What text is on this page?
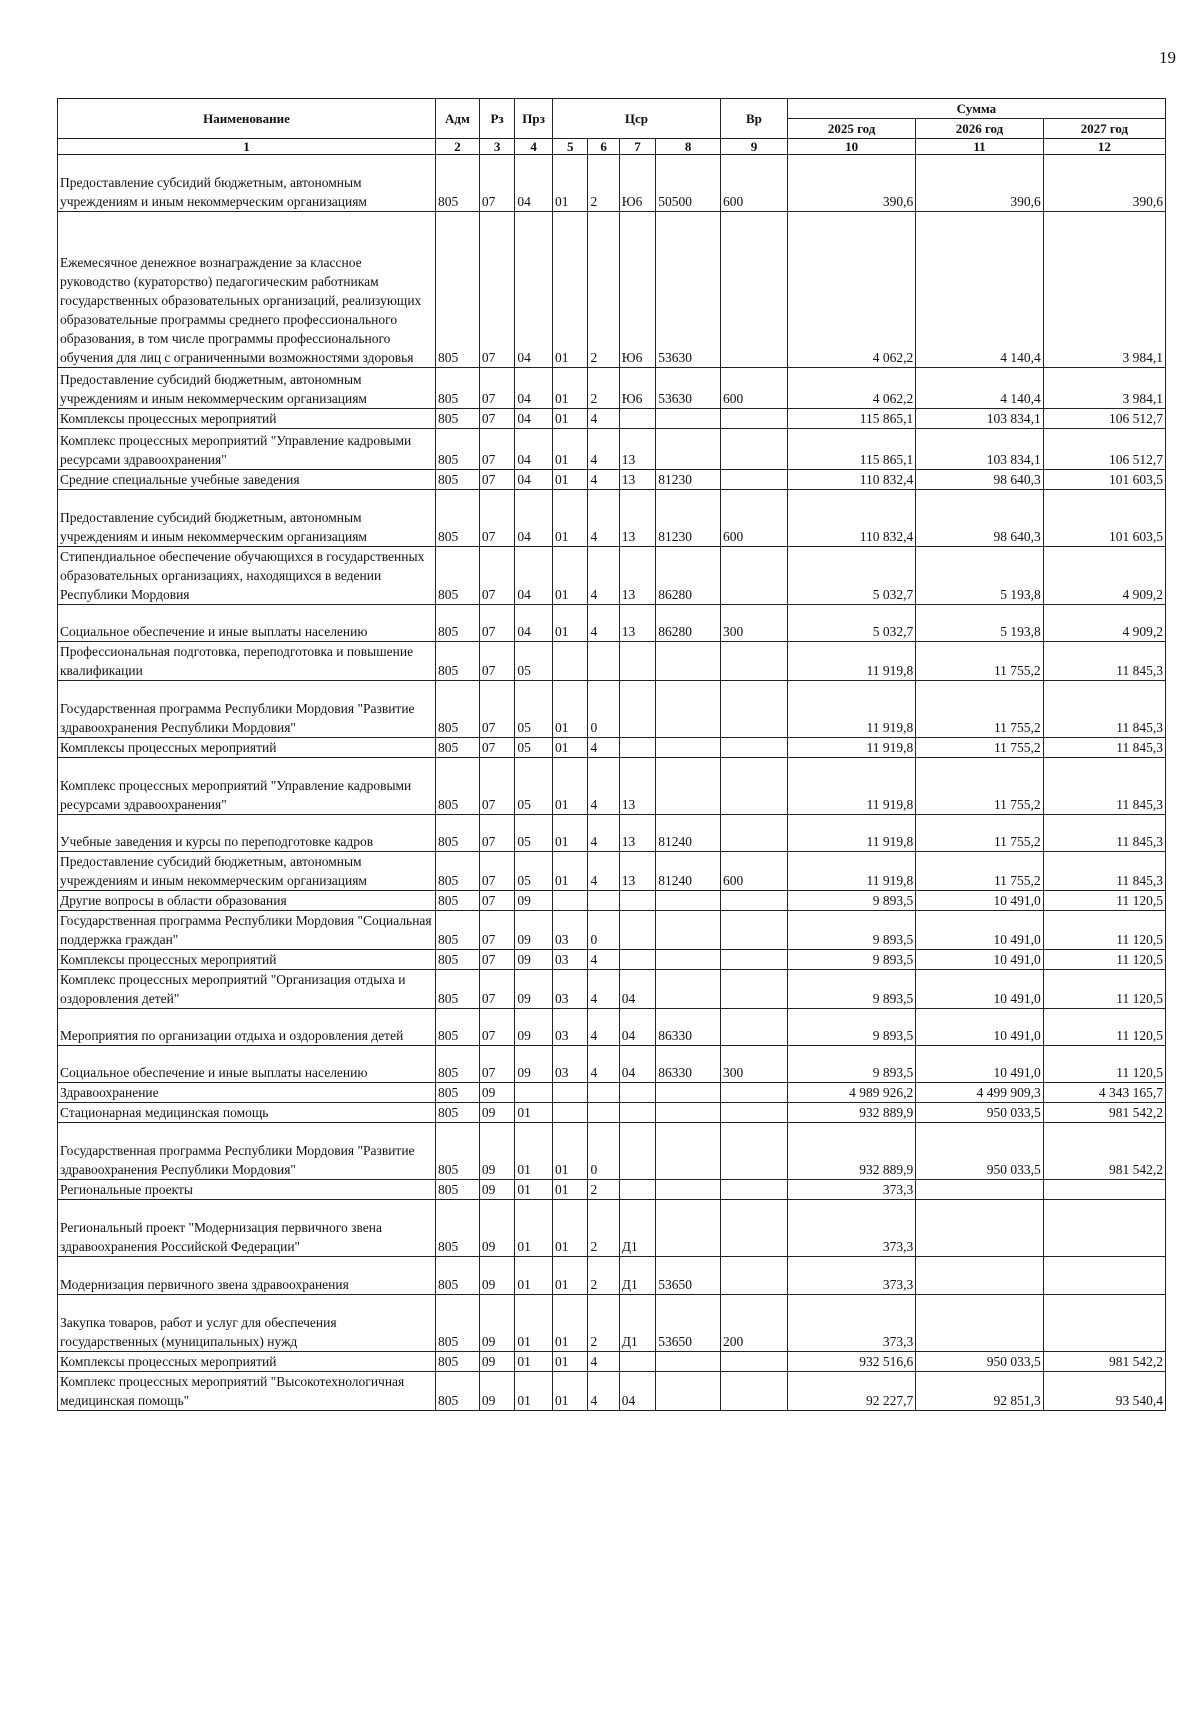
19
Наименование	Адм	Рз	Прз	Цср				Вр	Сумма		
									2025 год	2026 год	2027 год
1	2	3	4	5	6	7	8	9	10	11	12
Предоставление субсидий бюджетным, автономным учреждениям и иным некоммерческим организациям	805	07	04	01	2	Ю6	50500	600	390,6	390,6	390,6
Ежемесячное денежное вознаграждение за классное руководство (кураторство) педагогическим работникам государственных образовательных организаций, реализующих образовательные программы среднего профессионального образования, в том числе программы профессионального обучения для лиц с ограниченными возможностями здоровья	805	07	04	01	2	Ю6	53630		4 062,2	4 140,4	3 984,1
Предоставление субсидий бюджетным, автономным учреждениям и иным некоммерческим организациям	805	07	04	01	2	Ю6	53630	600	4 062,2	4 140,4	3 984,1
Комплексы процессных мероприятий	805	07	04	01	4				115 865,1	103 834,1	106 512,7
Комплекс процессных мероприятий "Управление кадровыми ресурсами здравоохранения"	805	07	04	01	4	13			115 865,1	103 834,1	106 512,7
Средние специальные учебные заведения	805	07	04	01	4	13	81230		110 832,4	98 640,3	101 603,5
Предоставление субсидий бюджетным, автономным учреждениям и иным некоммерческим организациям	805	07	04	01	4	13	81230	600	110 832,4	98 640,3	101 603,5
Стипендиальное обеспечение обучающихся в государственных образовательных организациях, находящихся в ведении Республики Мордовия	805	07	04	01	4	13	86280		5 032,7	5 193,8	4 909,2
Социальное обеспечение и иные выплаты населению	805	07	04	01	4	13	86280	300	5 032,7	5 193,8	4 909,2
Профессиональная подготовка, переподготовка и повышение квалификации	805	07	05						11 919,8	11 755,2	11 845,3
Государственная программа Республики Мордовия "Развитие здравоохранения Республики Мордовия"	805	07	05	01	0				11 919,8	11 755,2	11 845,3
Комплексы процессных мероприятий	805	07	05	01	4				11 919,8	11 755,2	11 845,3
Комплекс процессных мероприятий "Управление кадровыми ресурсами здравоохранения"	805	07	05	01	4	13			11 919,8	11 755,2	11 845,3
Учебные заведения и курсы по переподготовке кадров	805	07	05	01	4	13	81240		11 919,8	11 755,2	11 845,3
Предоставление субсидий бюджетным, автономным учреждениям и иным некоммерческим организациям	805	07	05	01	4	13	81240	600	11 919,8	11 755,2	11 845,3
Другие вопросы в области образования	805	07	09						9 893,5	10 491,0	11 120,5
Государственная программа Республики Мордовия "Социальная поддержка граждан"	805	07	09	03	0				9 893,5	10 491,0	11 120,5
Комплексы процессных мероприятий	805	07	09	03	4				9 893,5	10 491,0	11 120,5
Комплекс процессных мероприятий "Организация отдыха и оздоровления детей"	805	07	09	03	4	04			9 893,5	10 491,0	11 120,5
Мероприятия по организации отдыха и оздоровления детей	805	07	09	03	4	04	86330		9 893,5	10 491,0	11 120,5
Социальное обеспечение и иные выплаты населению	805	07	09	03	4	04	86330	300	9 893,5	10 491,0	11 120,5
Здравоохранение	805	09							4 989 926,2	4 499 909,3	4 343 165,7
Стационарная медицинская помощь	805	09	01						932 889,9	950 033,5	981 542,2
Государственная программа Республики Мордовия "Развитие здравоохранения Республики Мордовия"	805	09	01	01	0				932 889,9	950 033,5	981 542,2
Региональные проекты	805	09	01	01	2				373,3		
Региональный проект "Модернизация первичного звена здравоохранения Российской Федерации"	805	09	01	01	2	Д1			373,3		
Модернизация первичного звена здравоохранения	805	09	01	01	2	Д1	53650		373,3		
Закупка товаров, работ и услуг для обеспечения государственных (муниципальных) нужд	805	09	01	01	2	Д1	53650	200	373,3		
Комплексы процессных мероприятий	805	09	01	01	4				932 516,6	950 033,5	981 542,2
Комплекс процессных мероприятий "Высокотехнологичная медицинская помощь"	805	09	01	01	4	04			92 227,7	92 851,3	93 540,4
